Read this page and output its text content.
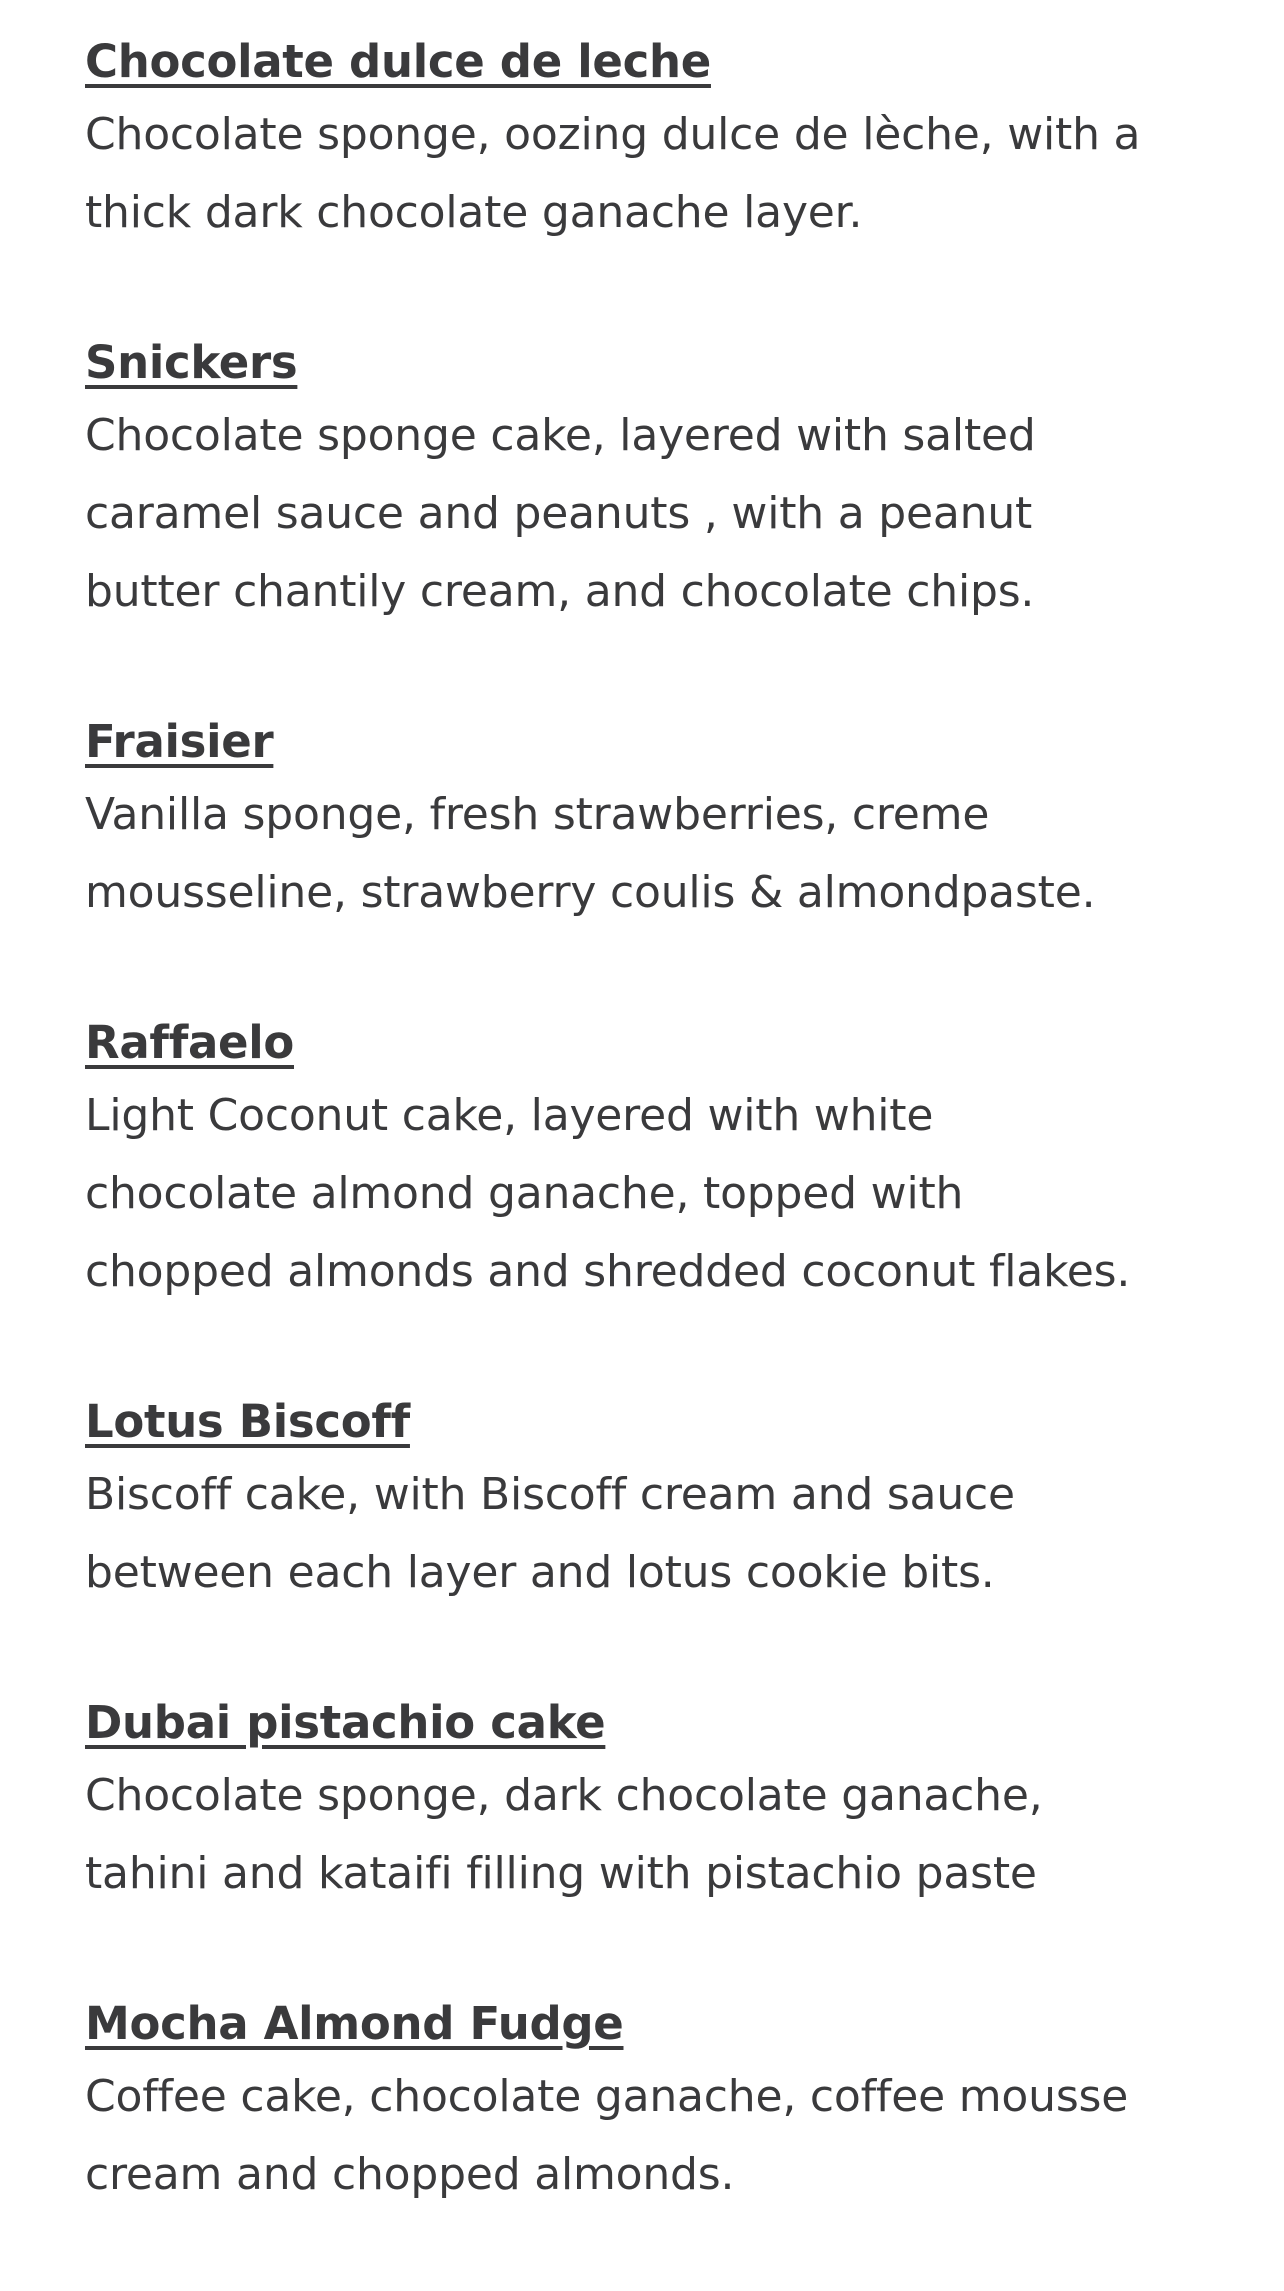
Chocolate dulce de leche
Chocolate sponge, oozing dulce de lèche, with a
thick dark chocolate ganache layer.
Snickers
Chocolate sponge cake, layered with salted
caramel sauce and peanuts , with a peanut
butter chantily cream, and chocolate chips.
Fraisier
Vanilla sponge, fresh strawberries, creme
mousseline, strawberry coulis & almondpaste.
Raffaelo
Light Coconut cake, layered with white
chocolate almond ganache, topped with
chopped almonds and shredded coconut flakes.
Lotus Biscoff
Biscoff cake, with Biscoff cream and sauce
between each layer and lotus cookie bits.
Dubai pistachio cake
Chocolate sponge, dark chocolate ganache,
tahini and kataifi filling with pistachio paste
Mocha Almond Fudge
Coffee cake, chocolate ganache, coffee mousse
cream and chopped almonds.
